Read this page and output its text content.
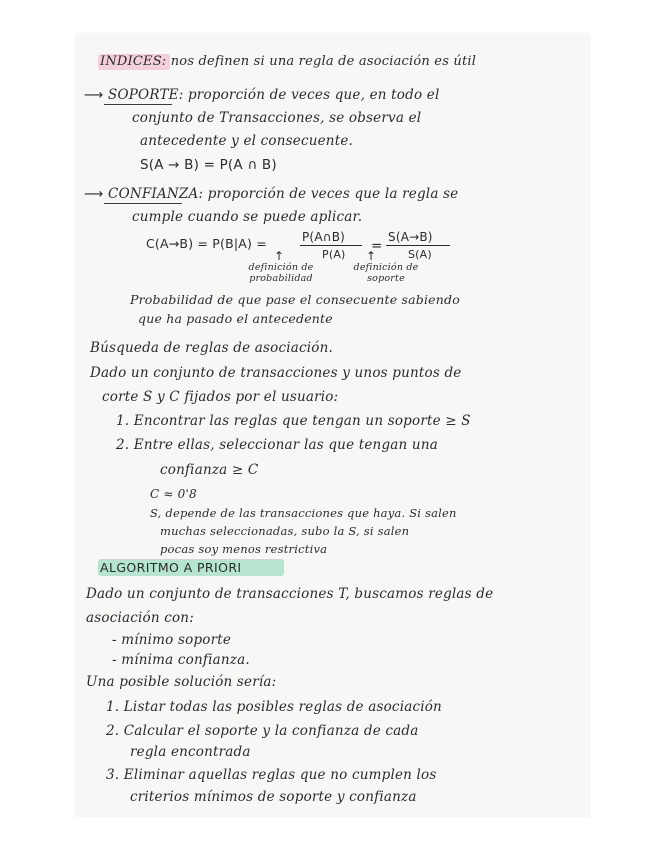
INDICES: nos definen si una regla de asociación es útil
⟶ SOPORTE: proporción de veces que, en todo el
conjunto de Transacciones, se observa el
antecedente y el consecuente.
S(A → B) = P(A ∩ B)
⟶ CONFIANZA: proporción de veces que la regla se
cumple cuando se puede aplicar.
C(A→B) = P(B|A) =	P(A∩B)
P(A)
=
S(A→B)
S(A)
↑	↑
definición de
probabilidad
definición de
soporte
Probabilidad de que pase el consecuente sabiendo
que ha pasado el antecedente
Búsqueda de reglas de asociación.
Dado un conjunto de transacciones y unos puntos de
corte S y C fijados por el usuario:
1. Encontrar las reglas que tengan un soporte ≥ S
2. Entre ellas, seleccionar las que tengan una
confianza ≥ C
C ≈ 0'8
S, depende de las transacciones que haya. Si salen
muchas seleccionadas, subo la S, si salen
pocas soy menos restrictiva
ALGORITMO A PRIORI
Dado un conjunto de transacciones T, buscamos reglas de
asociación con:
- mínimo soporte
- mínima confianza.
Una posible solución sería:
1. Listar todas las posibles reglas de asociación
2. Calcular el soporte y la confianza de cada
regla encontrada
3. Eliminar aquellas reglas que no cumplen los
criterios mínimos de soporte y confianza
